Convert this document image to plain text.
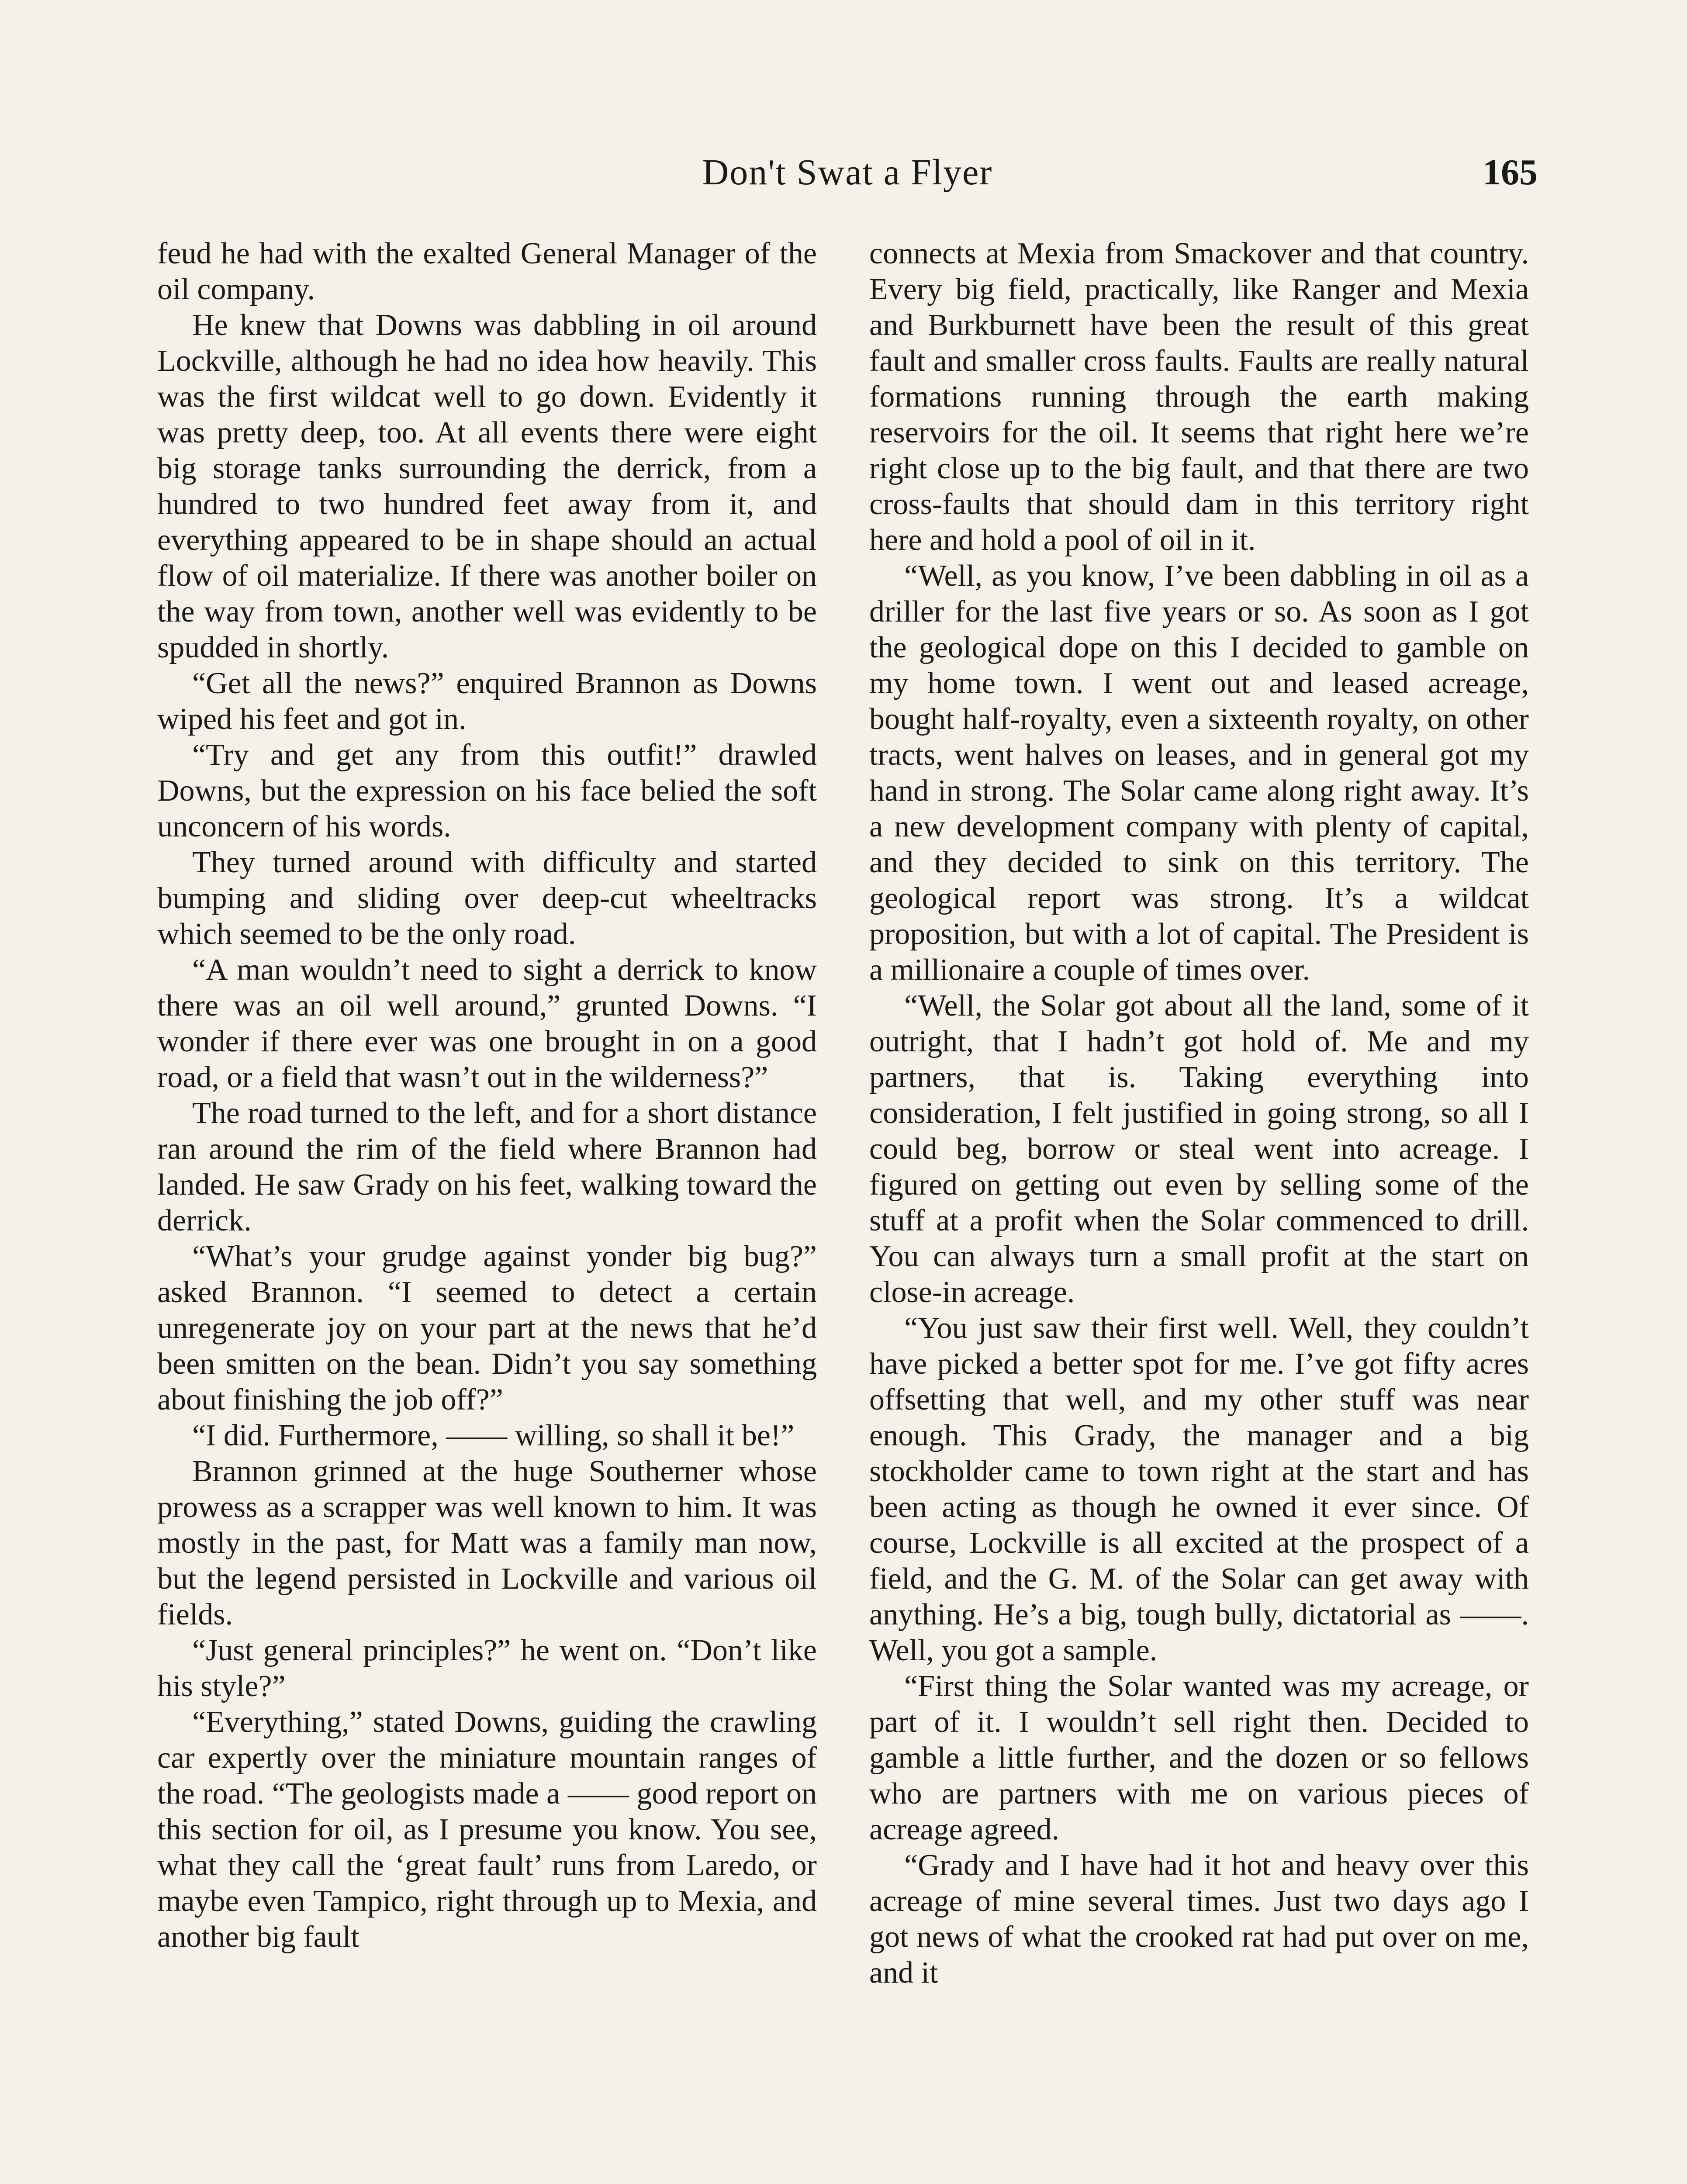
Don't Swat a Flyer	165

feud he had with the exalted General Manager of the oil company.

He knew that Downs was dabbling in oil around Lockville, although he had no idea how heavily. This was the first wildcat well to go down. Evidently it was pretty deep, too. At all events there were eight big storage tanks surrounding the derrick, from a hundred to two hundred feet away from it, and everything appeared to be in shape should an actual flow of oil materialize. If there was another boiler on the way from town, another well was evidently to be spudded in shortly.

“Get all the news?” enquired Brannon as Downs wiped his feet and got in.

“Try and get any from this outfit!” drawled Downs, but the expression on his face belied the soft unconcern of his words.

They turned around with difficulty and started bumping and sliding over deep-cut wheeltracks which seemed to be the only road.

“A man wouldn’t need to sight a derrick to know there was an oil well around,” grunted Downs. “I wonder if there ever was one brought in on a good road, or a field that wasn’t out in the wilderness?”

The road turned to the left, and for a short distance ran around the rim of the field where Brannon had landed. He saw Grady on his feet, walking toward the derrick.

“What’s your grudge against yonder big bug?” asked Brannon. “I seemed to detect a certain unregenerate joy on your part at the news that he’d been smitten on the bean. Didn’t you say something about finishing the job off?”

“I did. Furthermore, —— willing, so shall it be!”

Brannon grinned at the huge Southerner whose prowess as a scrapper was well known to him. It was mostly in the past, for Matt was a family man now, but the legend persisted in Lockville and various oil fields.

“Just general principles?” he went on. “Don’t like his style?”

“Everything,” stated Downs, guiding the crawling car expertly over the miniature mountain ranges of the road. “The geologists made a —— good report on this section for oil, as I presume you know. You see, what they call the ‘great fault’ runs from Laredo, or maybe even Tampico, right through up to Mexia, and another big fault

connects at Mexia from Smackover and that country. Every big field, practically, like Ranger and Mexia and Burkburnett have been the result of this great fault and smaller cross faults. Faults are really natural formations running through the earth making reservoirs for the oil. It seems that right here we’re right close up to the big fault, and that there are two cross-faults that should dam in this territory right here and hold a pool of oil in it.

“Well, as you know, I’ve been dabbling in oil as a driller for the last five years or so. As soon as I got the geological dope on this I decided to gamble on my home town. I went out and leased acreage, bought half-royalty, even a sixteenth royalty, on other tracts, went halves on leases, and in general got my hand in strong. The Solar came along right away. It’s a new development company with plenty of capital, and they decided to sink on this territory. The geological report was strong. It’s a wildcat proposition, but with a lot of capital. The President is a millionaire a couple of times over.

“Well, the Solar got about all the land, some of it outright, that I hadn’t got hold of. Me and my partners, that is. Taking everything into consideration, I felt justified in going strong, so all I could beg, borrow or steal went into acreage. I figured on getting out even by selling some of the stuff at a profit when the Solar commenced to drill. You can always turn a small profit at the start on close-in acreage.

“You just saw their first well. Well, they couldn’t have picked a better spot for me. I’ve got fifty acres offsetting that well, and my other stuff was near enough. This Grady, the manager and a big stockholder came to town right at the start and has been acting as though he owned it ever since. Of course, Lockville is all excited at the prospect of a field, and the G. M. of the Solar can get away with anything. He’s a big, tough bully, dictatorial as ——. Well, you got a sample.

“First thing the Solar wanted was my acreage, or part of it. I wouldn’t sell right then. Decided to gamble a little further, and the dozen or so fellows who are partners with me on various pieces of acreage agreed.

“Grady and I have had it hot and heavy over this acreage of mine several times. Just two days ago I got news of what the crooked rat had put over on me, and it
